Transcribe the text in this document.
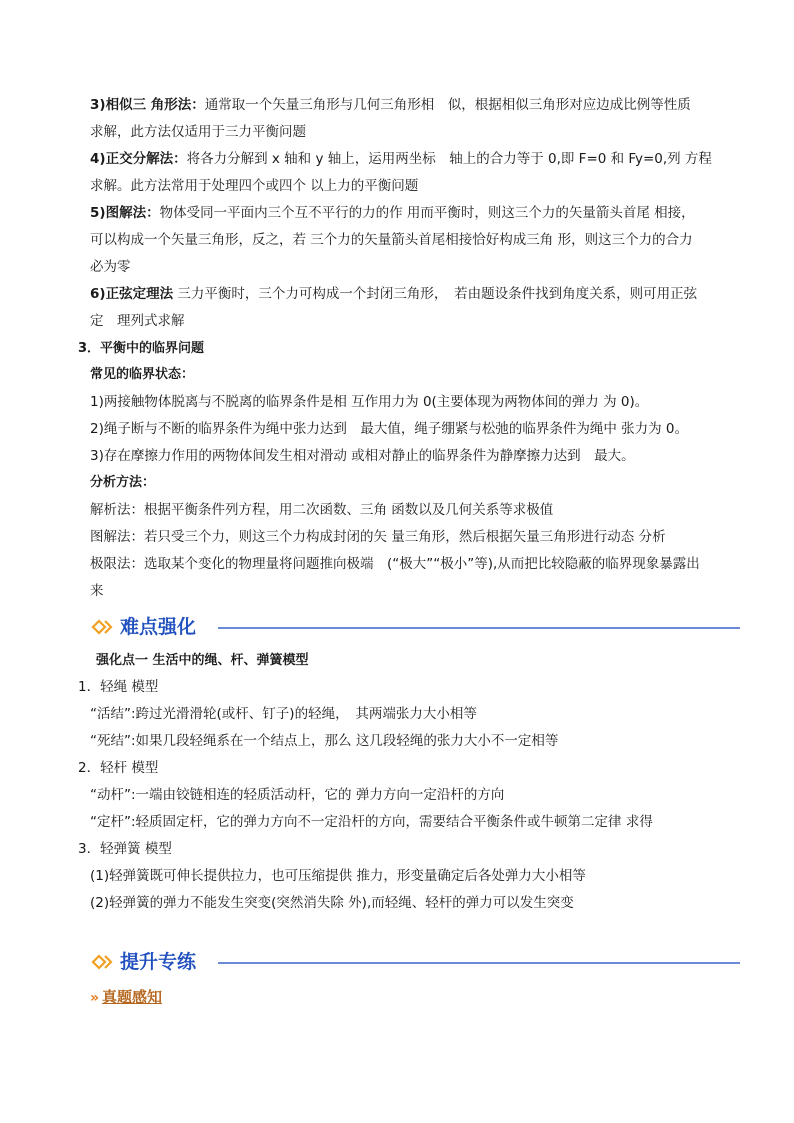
3)相似三 角形法：通常取一个矢量三角形与几何三角形相　似，根据相似三角形对应边成比例等性质
求解，此方法仅适用于三力平衡问题
4)正交分解法：将各力分解到 x 轴和 y 轴上，运用两坐标　轴上的合力等于 0,即 F=0 和 Fy=0,列 方程
求解。此方法常用于处理四个或四个 以上力的平衡问题
5)图解法：物体受同一平面内三个互不平行的力的作 用而平衡时，则这三个力的矢量箭头首尾 相接，
可以构成一个矢量三角形，反之，若 三个力的矢量箭头首尾相接恰好构成三角 形，则这三个力的合力
必为零
6)正弦定理法 三力平衡时，三个力可构成一个封闭三角形，　若由题设条件找到角度关系，则可用正弦
定　理列式求解
3．平衡中的临界问题
常见的临界状态：
1)两接触物体脱离与不脱离的临界条件是相 互作用力为 0(主要体现为两物体间的弹力 为 0)。
2)绳子断与不断的临界条件为绳中张力达到　最大值，绳子绷紧与松弛的临界条件为绳中 张力为 0。
3)存在摩擦力作用的两物体间发生相对滑动 或相对静止的临界条件为静摩擦力达到　最大。
分析方法：
解析法：根据平衡条件列方程，用二次函数、三角 函数以及几何关系等求极值
图解法：若只受三个力，则这三个力构成封闭的矢 量三角形，然后根据矢量三角形进行动态 分析
极限法：选取某个变化的物理量将问题推向极端　(“极大”“极小”等),从而把比较隐蔽的临界现象暴露出
来
难点强化
强化点一 生活中的绳、杆、弹簧模型
1．轻绳 模型
“活结”:跨过光滑滑轮(或杆、钉子)的轻绳，　其两端张力大小相等
“死结”:如果几段轻绳系在一个结点上，那么 这几段轻绳的张力大小不一定相等
2．轻杆 模型
“动杆”:一端由铰链相连的轻质活动杆，它的 弹力方向一定沿杆的方向
“定杆”:轻质固定杆，它的弹力方向不一定沿杆的方向，需要结合平衡条件或牛顿第二定律 求得
3．轻弹簧 模型
(1)轻弹簧既可伸长提供拉力，也可压缩提供 推力，形变量确定后各处弹力大小相等
(2)轻弹簧的弹力不能发生突变(突然消失除 外),而轻绳、轻杆的弹力可以发生突变
提升专练
» 真题感知
